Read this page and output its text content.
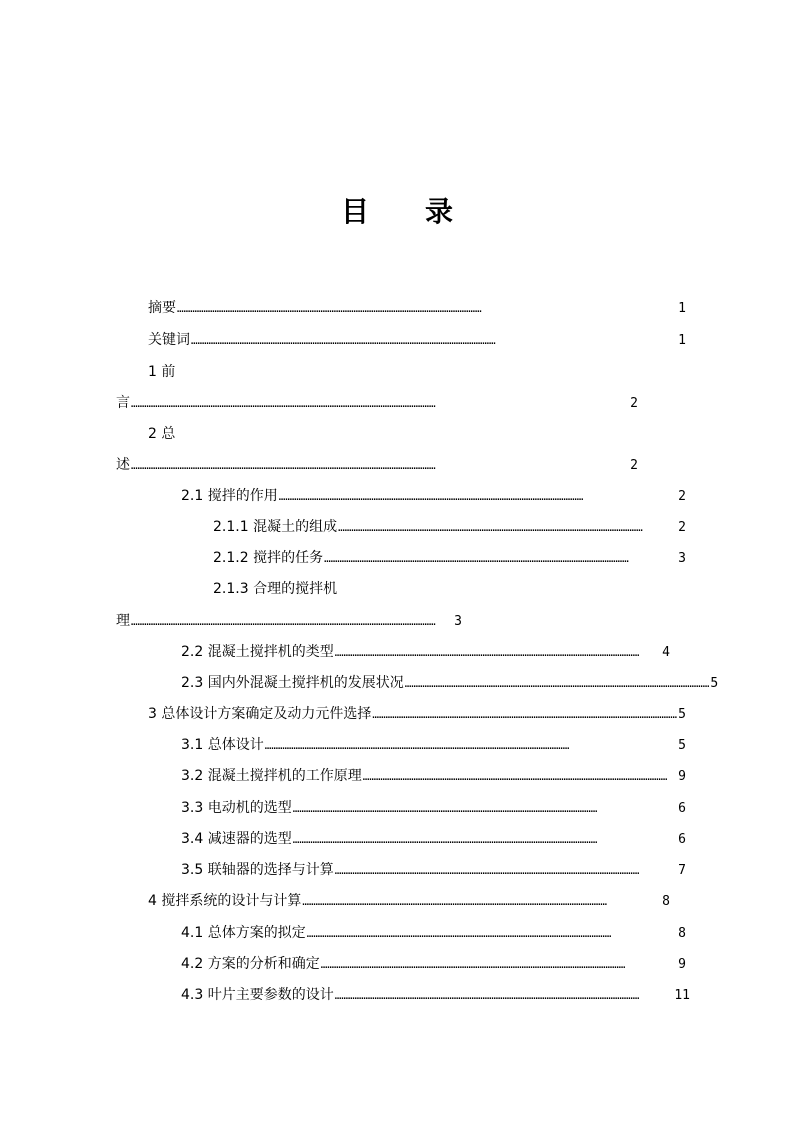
目录
摘要 …………………………………………………………………………………………………………………………	1
关键词 …………………………………………………………………………………………………………………………	1
1 前
言 …………………………………………………………………………………………………………………………	2
2 总
述 …………………………………………………………………………………………………………………………	2
2.1 搅拌的作用 …………………………………………………………………………………………………………………………	2
2.1.1 混凝土的组成 …………………………………………………………………………………………………………………………	2
2.1.2 搅拌的任务 …………………………………………………………………………………………………………………………	3
2.1.3 合理的搅拌机
理 …………………………………………………………………………………………………………………………	3
2.2 混凝土搅拌机的类型 …………………………………………………………………………………………………………………………	4
2.3 国内外混凝土搅拌机的发展状况 ………………………………………………………………………………………………………………………… 5
3 总体设计方案确定及动力元件选择 ………………………………………………………………………………………………………………………… 5
3.1 总体设计 …………………………………………………………………………………………………………………………	5
3.2 混凝土搅拌机的工作原理 ………………………………………………………………………………………………………………………… 9
3.3 电动机的选型 …………………………………………………………………………………………………………………………	6
3.4 减速器的选型 …………………………………………………………………………………………………………………………	6
3.5 联轴器的选择与计算 …………………………………………………………………………………………………………………………	7
4 搅拌系统的设计与计算 …………………………………………………………………………………………………………………………	8
4.1 总体方案的拟定 …………………………………………………………………………………………………………………………	8
4.2 方案的分析和确定 …………………………………………………………………………………………………………………………	9
4.3 叶片主要参数的设计 …………………………………………………………………………………………………………………………	11
